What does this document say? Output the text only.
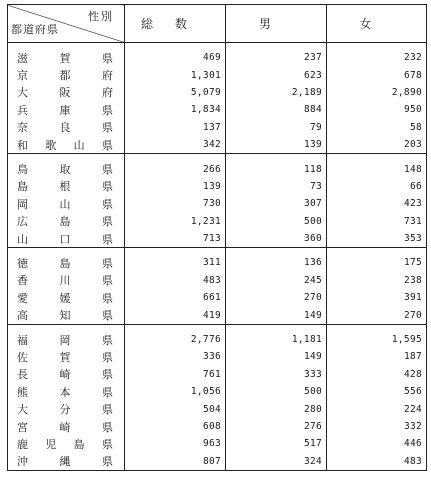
性別
都道府県	総数	男	女

滋賀県	469	237	232
京都府	1,301	623	678
大阪府	5,079	2,189	2,890
兵庫県	1,834	884	950
奈良県	137	79	58
和歌山県	342	139	203

鳥取県	266	118	148
島根県	139	73	66
岡山県	730	307	423
広島県	1,231	500	731
山口県	713	360	353

徳島県	311	136	175
香川県	483	245	238
愛媛県	661	270	391
高知県	419	149	270

福岡県	2,776	1,181	1,595
佐賀県	336	149	187
長崎県	761	333	428
熊本県	1,056	500	556
大分県	504	280	224
宮崎県	608	276	332
鹿児島県	963	517	446
沖縄県	807	324	483
